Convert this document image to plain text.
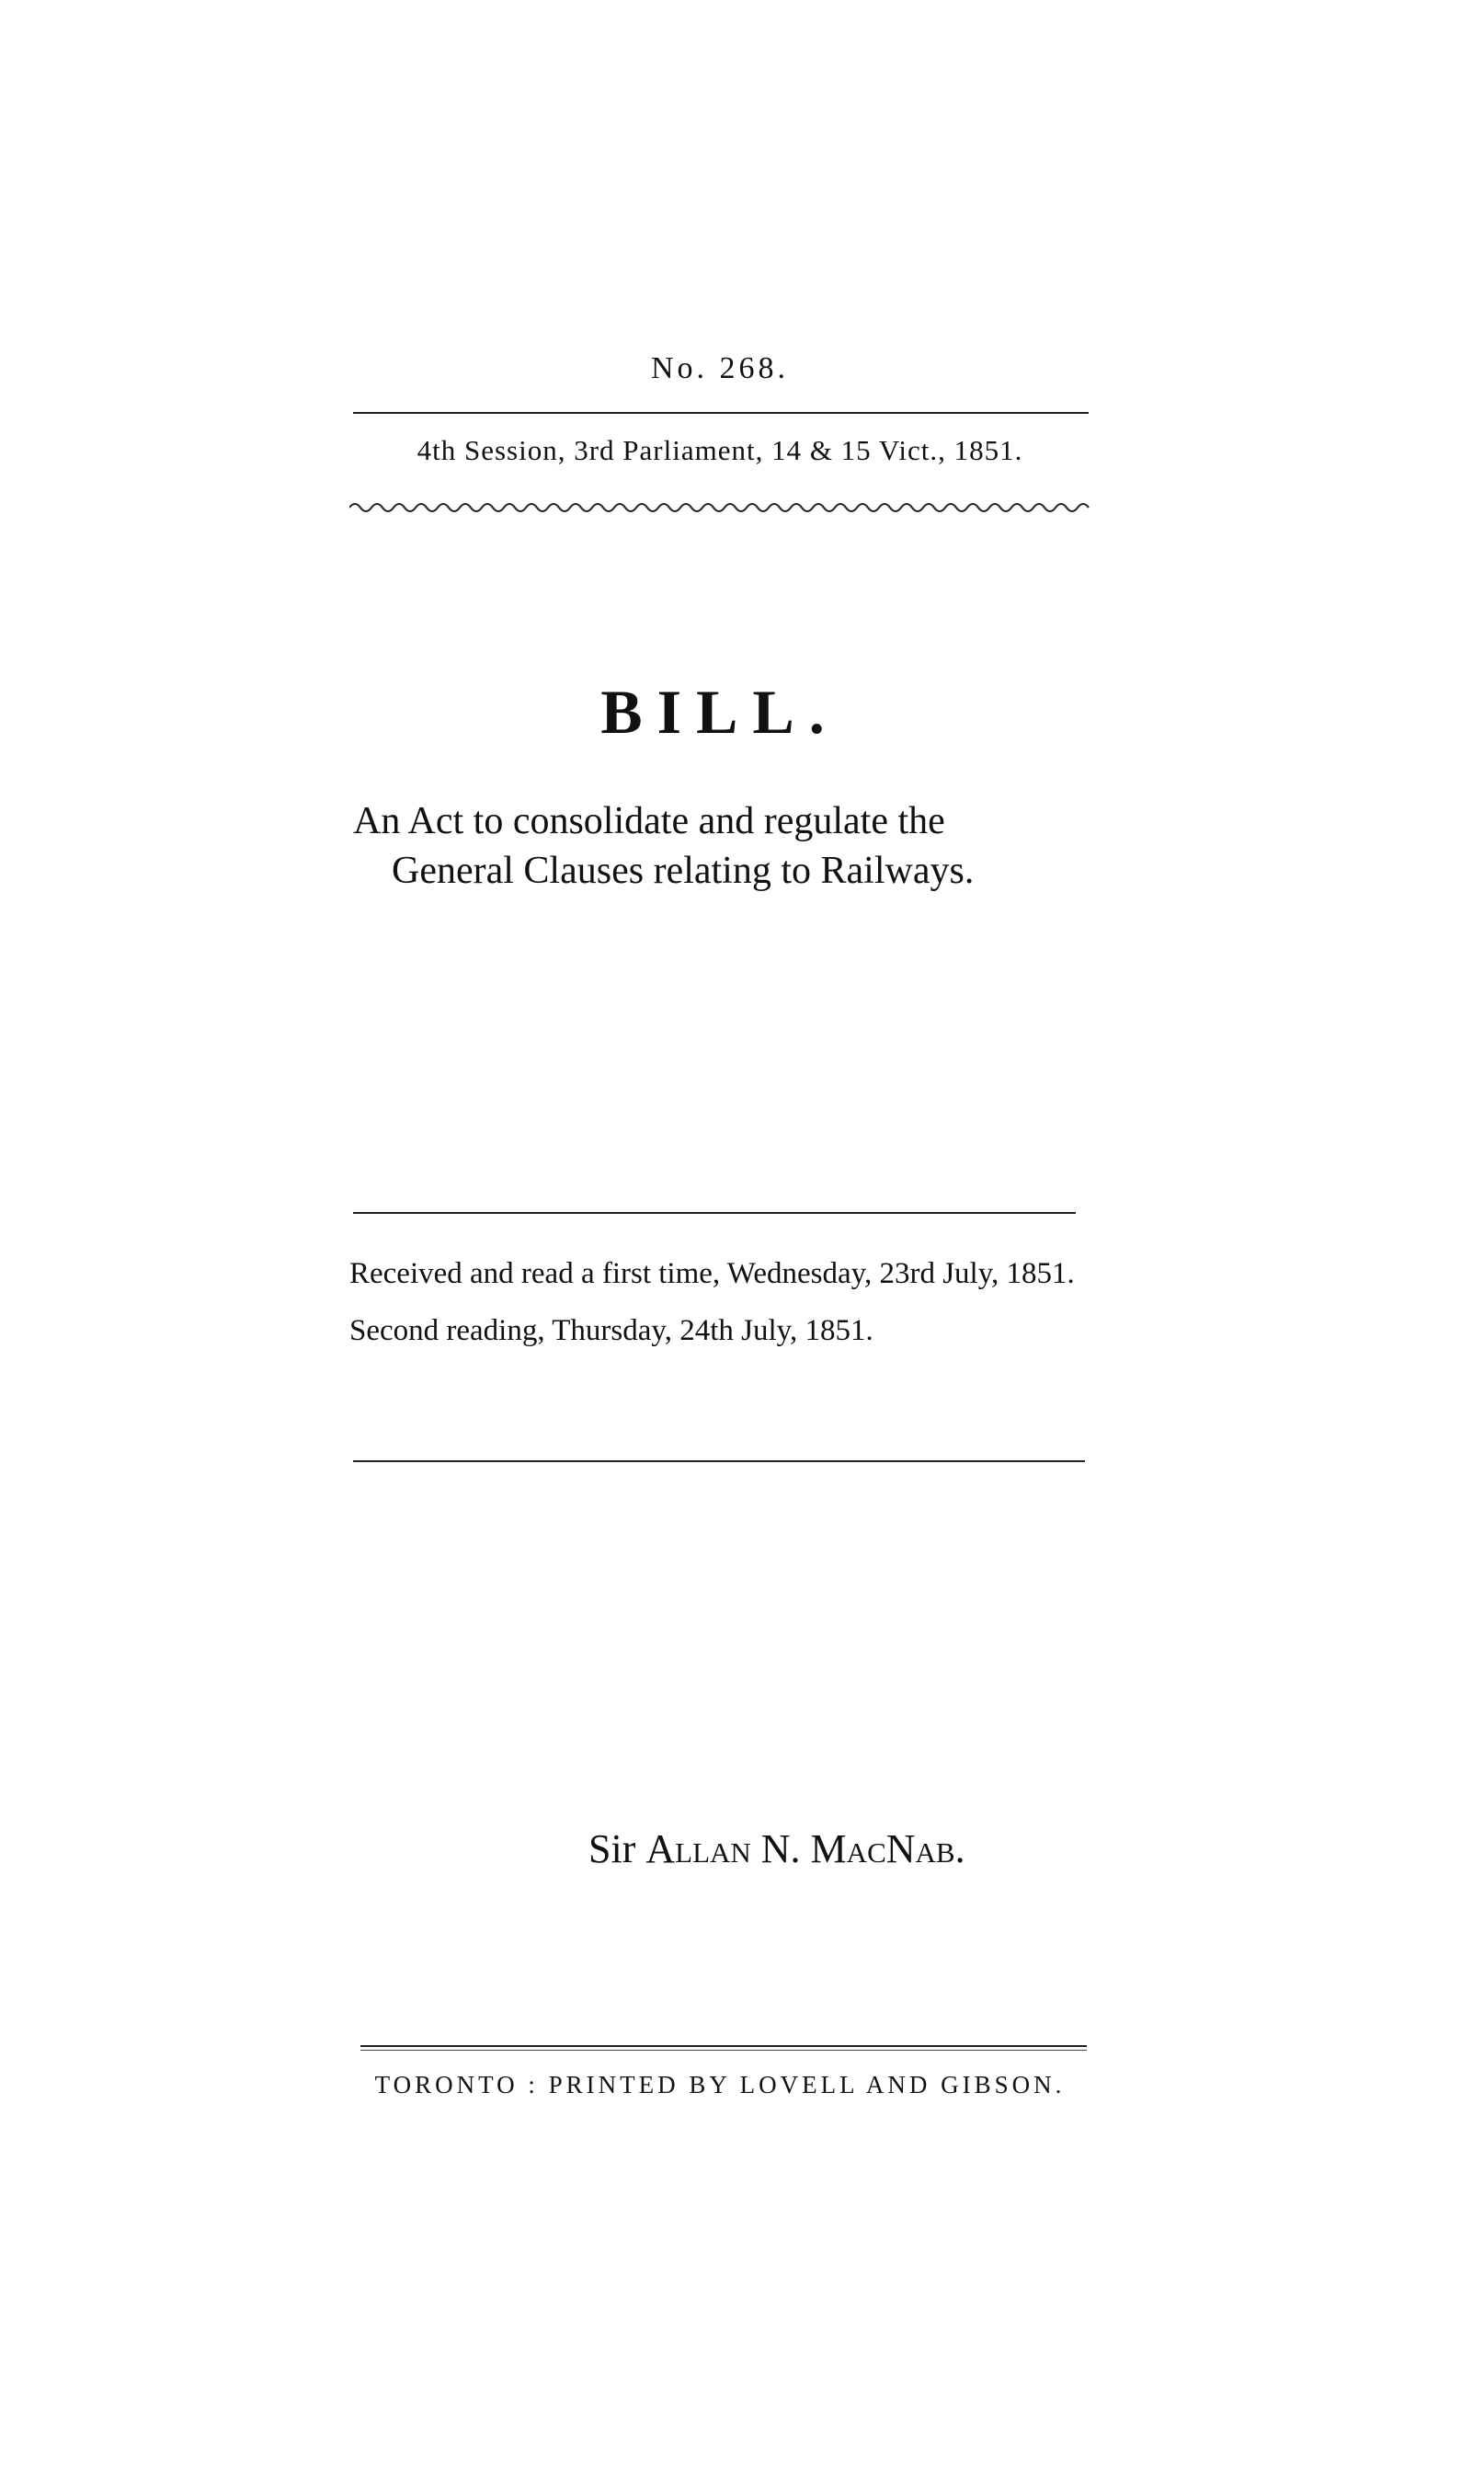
No. 268.
4th Session, 3rd Parliament, 14 & 15 Vict., 1851.
BILL.
An Act to consolidate and regulate the
General Clauses relating to Railways.

Received and read a first time, Wednesday, 23rd July, 1851.

Second reading, Thursday, 24th July, 1851.

Sir Allan N. MacNab.
TORONTO : PRINTED BY LOVELL AND GIBSON.
